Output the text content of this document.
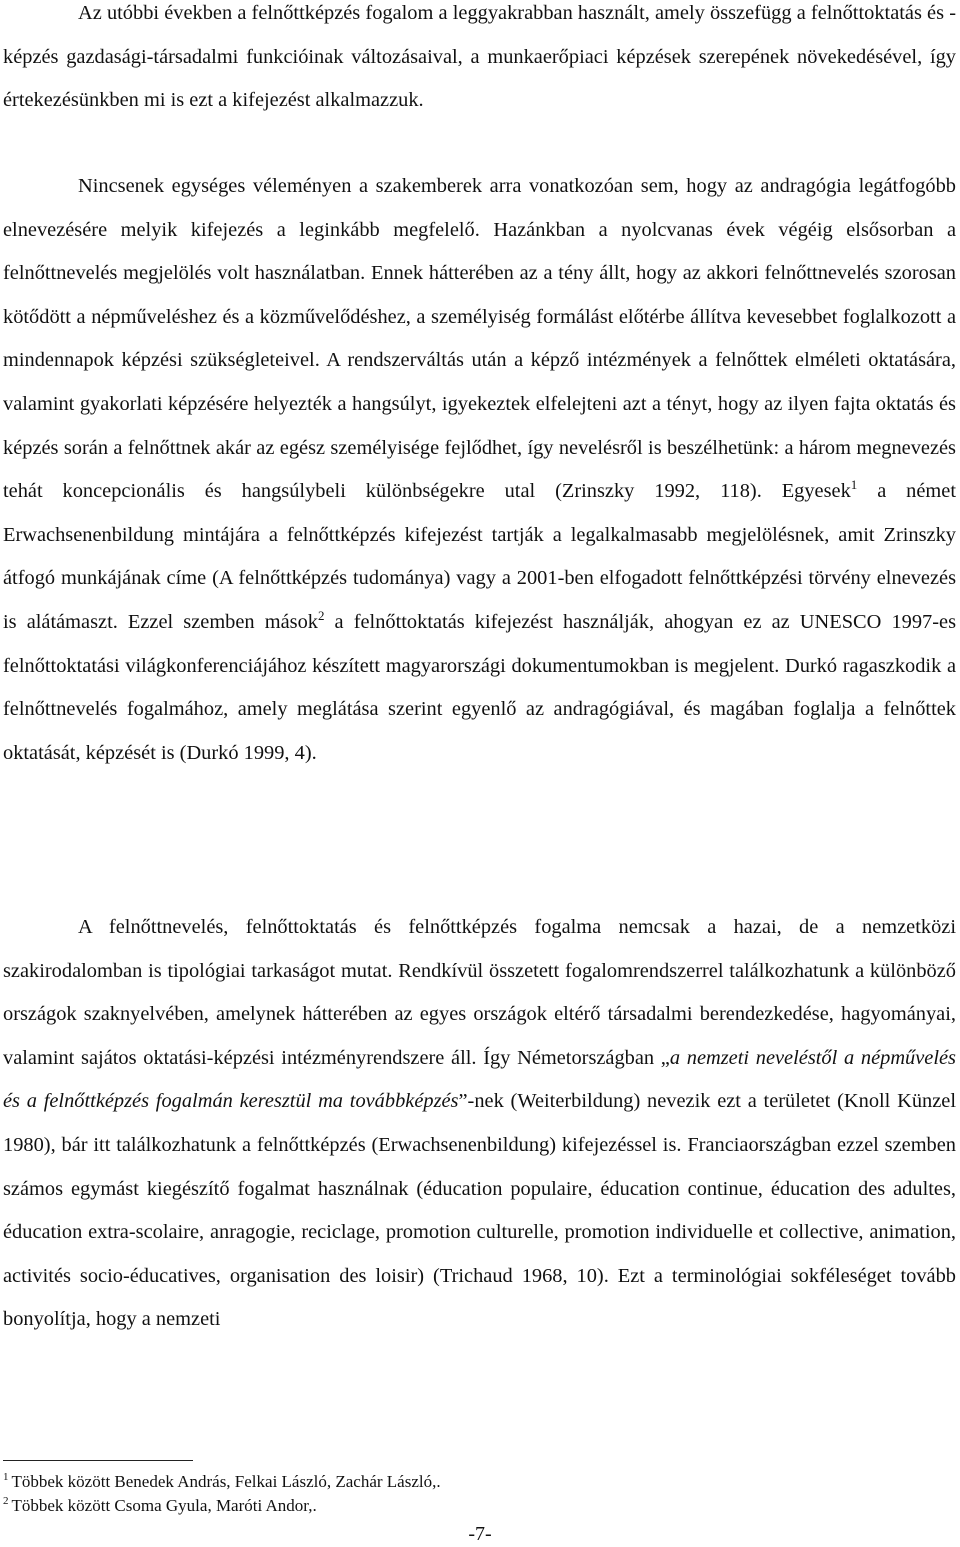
Az utóbbi években a felnőttképzés fogalom a leggyakrabban használt, amely összefügg a felnőttoktatás és -képzés gazdasági-társadalmi funkcióinak változásaival, a munkaerőpiaci képzések szerepének növekedésével, így értekezésünkben mi is ezt a kifejezést alkalmazzuk.

Nincsenek egységes véleményen a szakemberek arra vonatkozóan sem, hogy az andragógia legátfogóbb elnevezésére melyik kifejezés a leginkább megfelelő. Hazánkban a nyolcvanas évek végéig elsősorban a felnőttnevelés megjelölés volt használatban. Ennek hátterében az a tény állt, hogy az akkori felnőttnevelés szorosan kötődött a népműveléshez és a közművelődéshez, a személyiség formálást előtérbe állítva kevesebbet foglalkozott a mindennapok képzési szükségleteivel. A rendszerváltás után a képző intézmények a felnőttek elméleti oktatására, valamint gyakorlati képzésére helyezték a hangsúlyt, igyekeztek elfelejteni azt a tényt, hogy az ilyen fajta oktatás és képzés során a felnőttnek akár az egész személyisége fejlődhet, így nevelésről is beszélhetünk: a három megnevezés tehát koncepcionális és hangsúlybeli különbségekre utal (Zrinszky 1992, 118). Egyesek$^1$ a német Erwachsenenbildung mintájára a felnőttképzés kifejezést tartják a legalkalmasabb megjelölésnek, amit Zrinszky átfogó munkájának címe (A felnőttképzés tudománya) vagy a 2001-ben elfogadott felnőttképzési törvény elnevezés is alátámaszt. Ezzel szemben mások$^2$ a felnőttoktatás kifejezést használják, ahogyan ez az UNESCO 1997-es felnőttoktatási világkonferenciájához készített magyarországi dokumentumokban is megjelent. Durkó ragaszkodik a felnőttnevelés fogalmához, amely meglátása szerint egyenlő az andragógiával, és magában foglalja a felnőttek oktatását, képzését is (Durkó 1999, 4).

A felnőttnevelés, felnőttoktatás és felnőttképzés fogalma nemcsak a hazai, de a nemzetközi szakirodalomban is tipológiai tarkaságot mutat. Rendkívül összetett fogalomrendszerrel találkozhatunk a különböző országok szaknyelvében, amelynek hátterében az egyes országok eltérő társadalmi berendezkedése, hagyományai, valamint sajátos oktatási-képzési intézményrendszere áll. Így Németországban „a nemzeti neveléstől a népművelés és a felnőttképzés fogalmán keresztül ma továbbképzés”-nek (Weiterbildung) nevezik ezt a területet (Knoll Künzel 1980), bár itt találkozhatunk a felnőttképzés (Erwachsenenbildung) kifejezéssel is. Franciaországban ezzel szemben számos egymást kiegészítő fogalmat használnak (éducation populaire, éducation continue, éducation des adultes, éducation extra-scolaire, anragogie, reciclage, promotion culturelle, promotion individuelle et collective, animation, activités socio-éducatives, organisation des loisir) (Trichaud 1968, 10). Ezt a terminológiai sokféleséget tovább bonyolítja, hogy a nemzeti

$^1$ Többek között Benedek András, Felkai László, Zachár László,.

$^2$ Többek között Csoma Gyula, Maróti Andor,.

-7-
